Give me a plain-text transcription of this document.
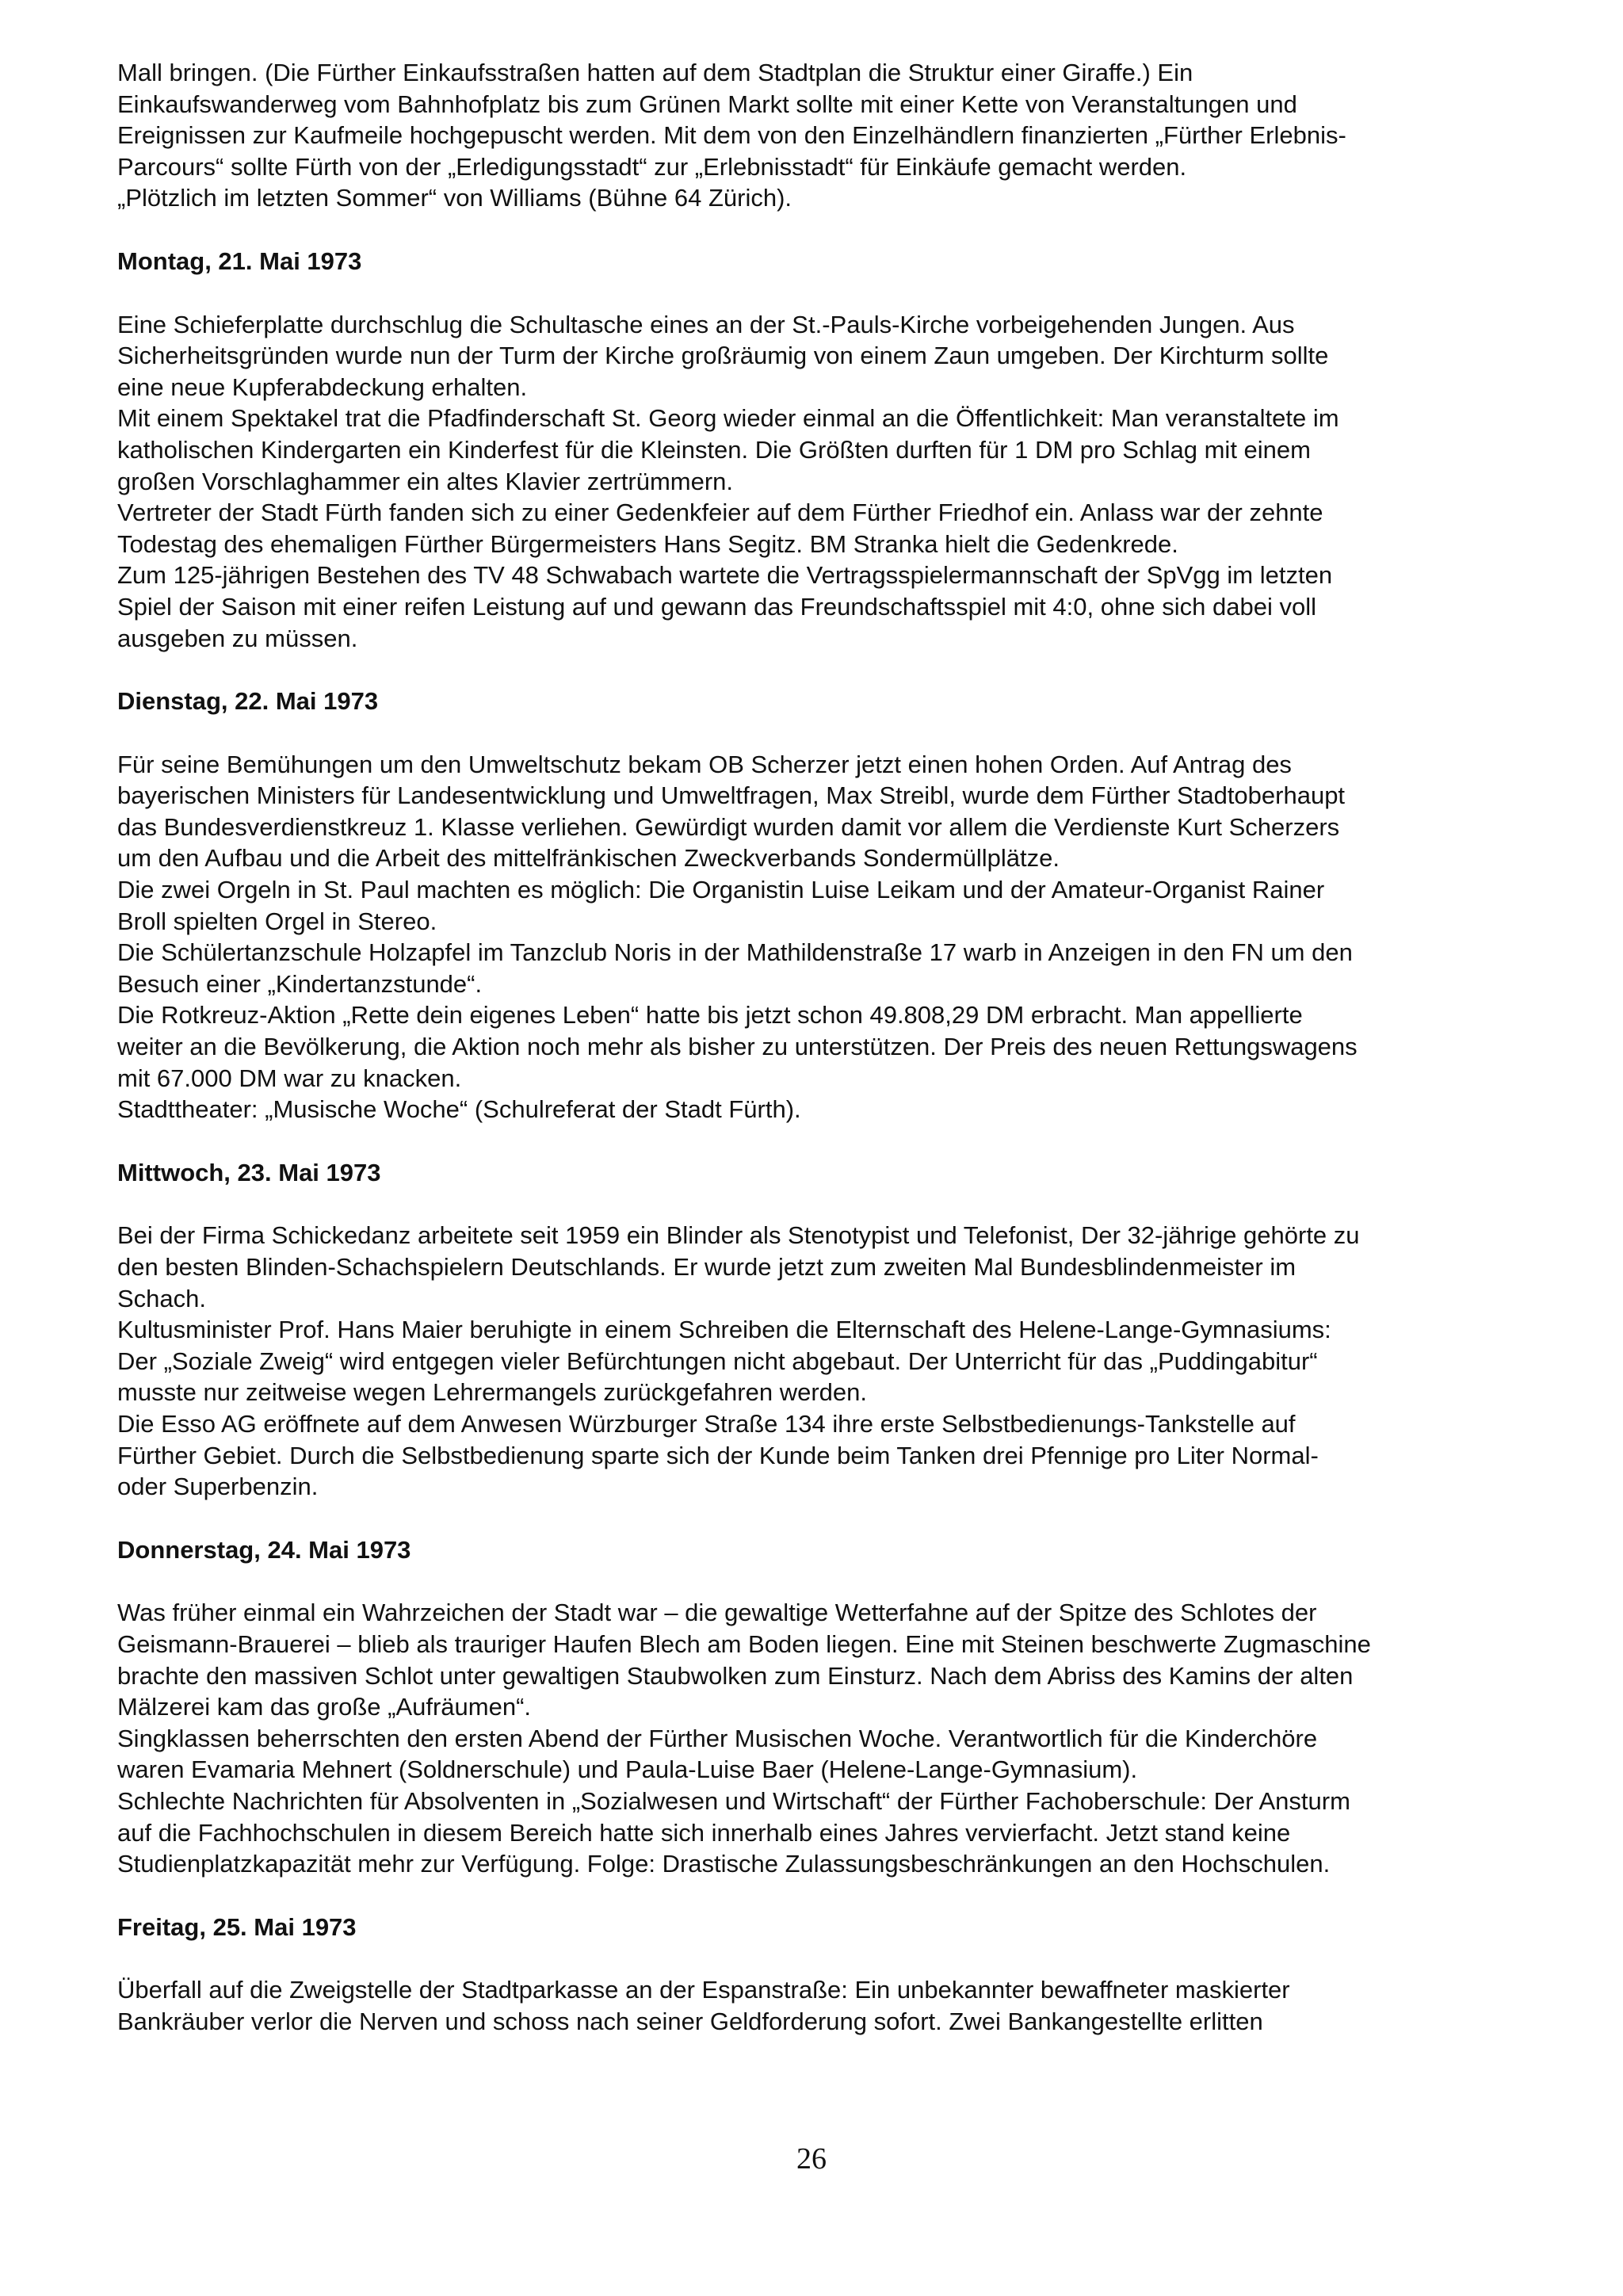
Mall bringen. (Die Fürther Einkaufsstraßen hatten auf dem Stadtplan die Struktur einer Giraffe.) Ein
Einkaufswanderweg vom Bahnhofplatz bis zum Grünen Markt sollte mit einer Kette von Veranstaltungen und
Ereignissen zur Kaufmeile hochgepuscht werden. Mit dem von den Einzelhändlern finanzierten „Fürther Erlebnis-
Parcours“ sollte Fürth von der „Erledigungsstadt“ zur „Erlebnisstadt“ für Einkäufe gemacht werden.

„Plötzlich im letzten Sommer“ von Williams (Bühne 64 Zürich).

Montag, 21. Mai 1973

Eine Schieferplatte durchschlug die Schultasche eines an der St.-Pauls-Kirche vorbeigehenden Jungen. Aus
Sicherheitsgründen wurde nun der Turm der Kirche großräumig von einem Zaun umgeben. Der Kirchturm sollte
eine neue Kupferabdeckung erhalten.

Mit einem Spektakel trat die Pfadfinderschaft St. Georg wieder einmal an die Öffentlichkeit: Man veranstaltete im
katholischen Kindergarten ein Kinderfest für die Kleinsten. Die Größten durften für 1 DM pro Schlag mit einem
großen Vorschlaghammer ein altes Klavier zertrümmern.

Vertreter der Stadt Fürth fanden sich zu einer Gedenkfeier auf dem Fürther Friedhof ein. Anlass war der zehnte
Todestag des ehemaligen Fürther Bürgermeisters Hans Segitz. BM Stranka hielt die Gedenkrede.

Zum 125-jährigen Bestehen des TV 48 Schwabach wartete die Vertragsspielermannschaft der SpVgg im letzten
Spiel der Saison mit einer reifen Leistung auf und gewann das Freundschaftsspiel mit 4:0, ohne sich dabei voll
ausgeben zu müssen.

Dienstag, 22. Mai 1973

Für seine Bemühungen um den Umweltschutz bekam OB Scherzer jetzt einen hohen Orden. Auf Antrag des
bayerischen Ministers für Landesentwicklung und Umweltfragen, Max Streibl, wurde dem Fürther Stadtoberhaupt
das Bundesverdienstkreuz 1. Klasse verliehen. Gewürdigt wurden damit vor allem die Verdienste Kurt Scherzers
um den Aufbau und die Arbeit des mittelfränkischen Zweckverbands Sondermüllplätze.

Die zwei Orgeln in St. Paul machten es möglich: Die Organistin Luise Leikam und der Amateur-Organist Rainer
Broll spielten Orgel in Stereo.

Die Schülertanzschule Holzapfel im Tanzclub Noris in der Mathildenstraße 17 warb in Anzeigen in den FN um den
Besuch einer „Kindertanzstunde“.

Die Rotkreuz-Aktion „Rette dein eigenes Leben“ hatte bis jetzt schon 49.808,29 DM erbracht. Man appellierte
weiter an die Bevölkerung, die Aktion noch mehr als bisher zu unterstützen. Der Preis des neuen Rettungswagens
mit 67.000 DM war zu knacken.

Stadttheater: „Musische Woche“ (Schulreferat der Stadt Fürth).

Mittwoch, 23. Mai 1973

Bei der Firma Schickedanz arbeitete seit 1959 ein Blinder als Stenotypist und Telefonist, Der 32-jährige gehörte zu
den besten Blinden-Schachspielern Deutschlands. Er wurde jetzt zum zweiten Mal Bundesblindenmeister im
Schach.

Kultusminister Prof. Hans Maier beruhigte in einem Schreiben die Elternschaft des Helene-Lange-Gymnasiums:
Der „Soziale Zweig“ wird entgegen vieler Befürchtungen nicht abgebaut. Der Unterricht für das „Puddingabitur“
musste nur zeitweise wegen Lehrermangels zurückgefahren werden.

Die Esso AG eröffnete auf dem Anwesen Würzburger Straße 134 ihre erste Selbstbedienungs-Tankstelle auf
Fürther Gebiet. Durch die Selbstbedienung sparte sich der Kunde beim Tanken drei Pfennige pro Liter Normal-
oder Superbenzin.

Donnerstag, 24. Mai 1973

Was früher einmal ein Wahrzeichen der Stadt war – die gewaltige Wetterfahne auf der Spitze des Schlotes der
Geismann-Brauerei – blieb als trauriger Haufen Blech am Boden liegen. Eine mit Steinen beschwerte Zugmaschine
brachte den massiven Schlot unter gewaltigen Staubwolken zum Einsturz. Nach dem Abriss des Kamins der alten
Mälzerei kam das große „Aufräumen“.

Singklassen beherrschten den ersten Abend der Fürther Musischen Woche. Verantwortlich für die Kinderchöre
waren Evamaria Mehnert (Soldnerschule) und Paula-Luise Baer (Helene-Lange-Gymnasium).

Schlechte Nachrichten für Absolventen in „Sozialwesen und Wirtschaft“ der Fürther Fachoberschule: Der Ansturm
auf die Fachhochschulen in diesem Bereich hatte sich innerhalb eines Jahres vervierfacht. Jetzt stand keine
Studienplatzkapazität mehr zur Verfügung. Folge: Drastische Zulassungsbeschränkungen an den Hochschulen.

Freitag, 25. Mai 1973

Überfall auf die Zweigstelle der Stadtparkasse an der Espanstraße: Ein unbekannter bewaffneter maskierter
Bankräuber verlor die Nerven und schoss nach seiner Geldforderung sofort. Zwei Bankangestellte erlitten

26
